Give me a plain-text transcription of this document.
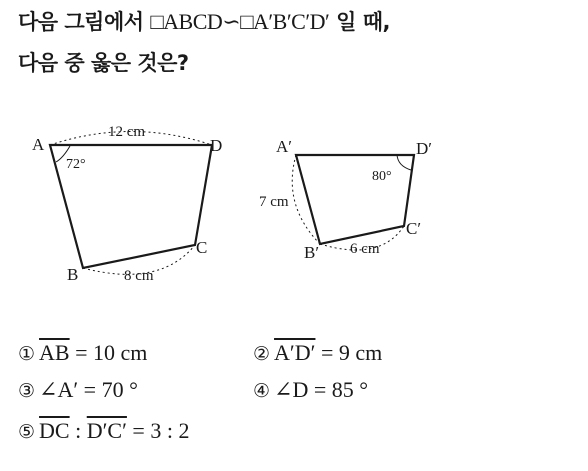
다음 그림에서 □ABCD∽□A′B′C′D′ 일 때,
다음 중 옳은 것은?
A	D
C
B
12 cm
8 cm
72°
A′	D′
C′
B′
7 cm
6 cm
80°
① $\overline{AB} = 10$ cm	② A′D′ = 9 cm
③ ∠A′ = 70 °	④ ∠D = 85 °
⑤ $\overline{DC}$ : D′C′ = 3 : 2
